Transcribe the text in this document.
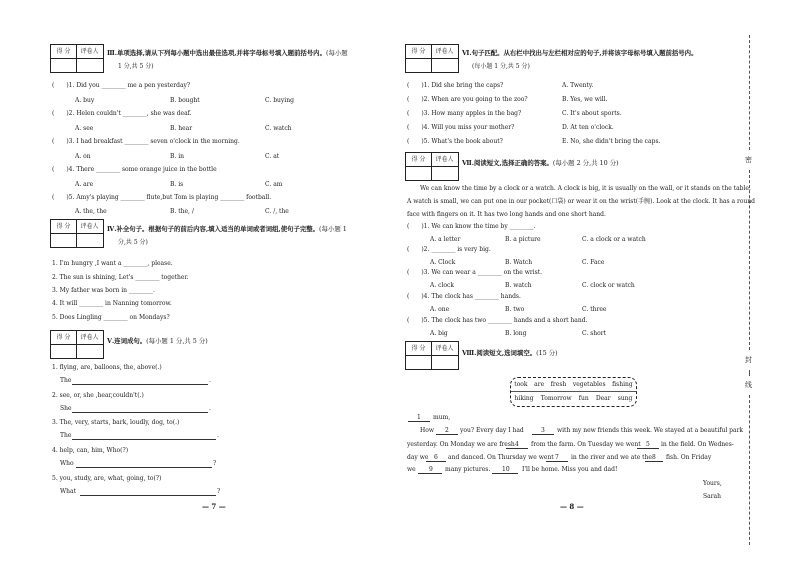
得 分	评卷人	Ⅲ.单项选择,请从下列每小题中选出最佳选项,并将字母标号填入题前括号内。(每小题
1 分,共 5 分)
(　　)1. Did you ________ me a pen yesterday?
A. buy	B. bought	C. buying
(　　)2. Helen couldn't ________, she was deaf.
A. see	B. hear	C. watch
(　　)3. I had breakfast ________ seven o'clock in the morning.
A. on	B. in	C. at
(　　)4. There ________ some orange juice in the bottle
A. are	B. is	C. am
(　　)5. Amy's playing ________ flute,but Tom is playing ________ football.
A. the, the	B. the, /	C. /, the
得 分	评卷人	Ⅳ.补全句子。根据句子的前后内容,填入适当的单词或者词组,使句子完整。(每小题 1
分,共 5 分)
1. I'm hungry ,I want a ________, please.
2. The sun is shining, Let's ________ together.
3. My father was born in ________.
4. It will ________ in Nanning tomorrow.
5. Does Lingling ________ on Mondays?
得 分	评卷人	Ⅴ.连词成句。(每小题 1 分,共 5 分)
1. flying, are, balloons, the, above(.)
The	.
2. see, or, she ,hear,couldn't(.)
She	.
3. The, very, starts, bark, loudly, dog, to(.)
The	.
4. help, can, him, Who(?)
Who	?
5. you, study, are, what, going, to(?)
What	?
— 7 —
得 分	评卷人	Ⅵ.句子匹配。从右栏中找出与左栏相对应的句子,并将该字母标号填入题前括号内。
(每小题 1 分,共 5 分)
(　　)1. Did she bring the caps?	A. Twenty.
(　　)2. When are you going to the zoo?	B. Yes, we will.
(　　)3. How many apples in the bag?	C. It's about sports.
(　　)4. Will you miss your mother?	D. At ten o'clock.
(　　)5. What's the book about?	E. No, she didn't bring the caps.
得 分	评卷人	Ⅶ.阅读短文,选择正确的答案。(每小题 2 分,共 10 分)
We can know the time by a clock or a watch. A clock is big, it is usually on the wall, or it stands on the table.
A watch is small, we can put one in our pocket(口袋) or wear it on the wrist(手腕). Look at the clock. It has a round
face with fingers on it. It has two long hands and one short hand.
(　　)1. We can know the time by ________.
A. a letter	B. a picture	C. a clock or a watch
(　　)2. ________ is very big.
A. Clock	B. Watch	C. Face
(　　)3. We can wear a ________ on the wrist.
A. clock	B. watch	C. clock or watch
(　　)4. The clock has ________ hands.
A. one	B. two	C. three
(　　)5. The clock has two ________ hands and a short hand.
A. big	B. long	C. short
得 分	评卷人
Ⅷ.阅读短文,选词填空。(15 分)
took are fresh vegetables fishing
hiking Tomorrow fun Dear sung
1 mum,
How 2 you? Every day I had	3 with my new friends this week. We stayed at a beautiful park
yesterday. On Monday we are fresh 4 from the farm. On Tuesday we went 5 in the field. On Wednes-
day we 6 and danced. On Thursday we went 7 in the river and we ate the 8 fish. On Friday
we 9 many pictures. 10 I'll be home. Miss you and dad!
Yours,
Sarah
— 8 —
密
封
线
